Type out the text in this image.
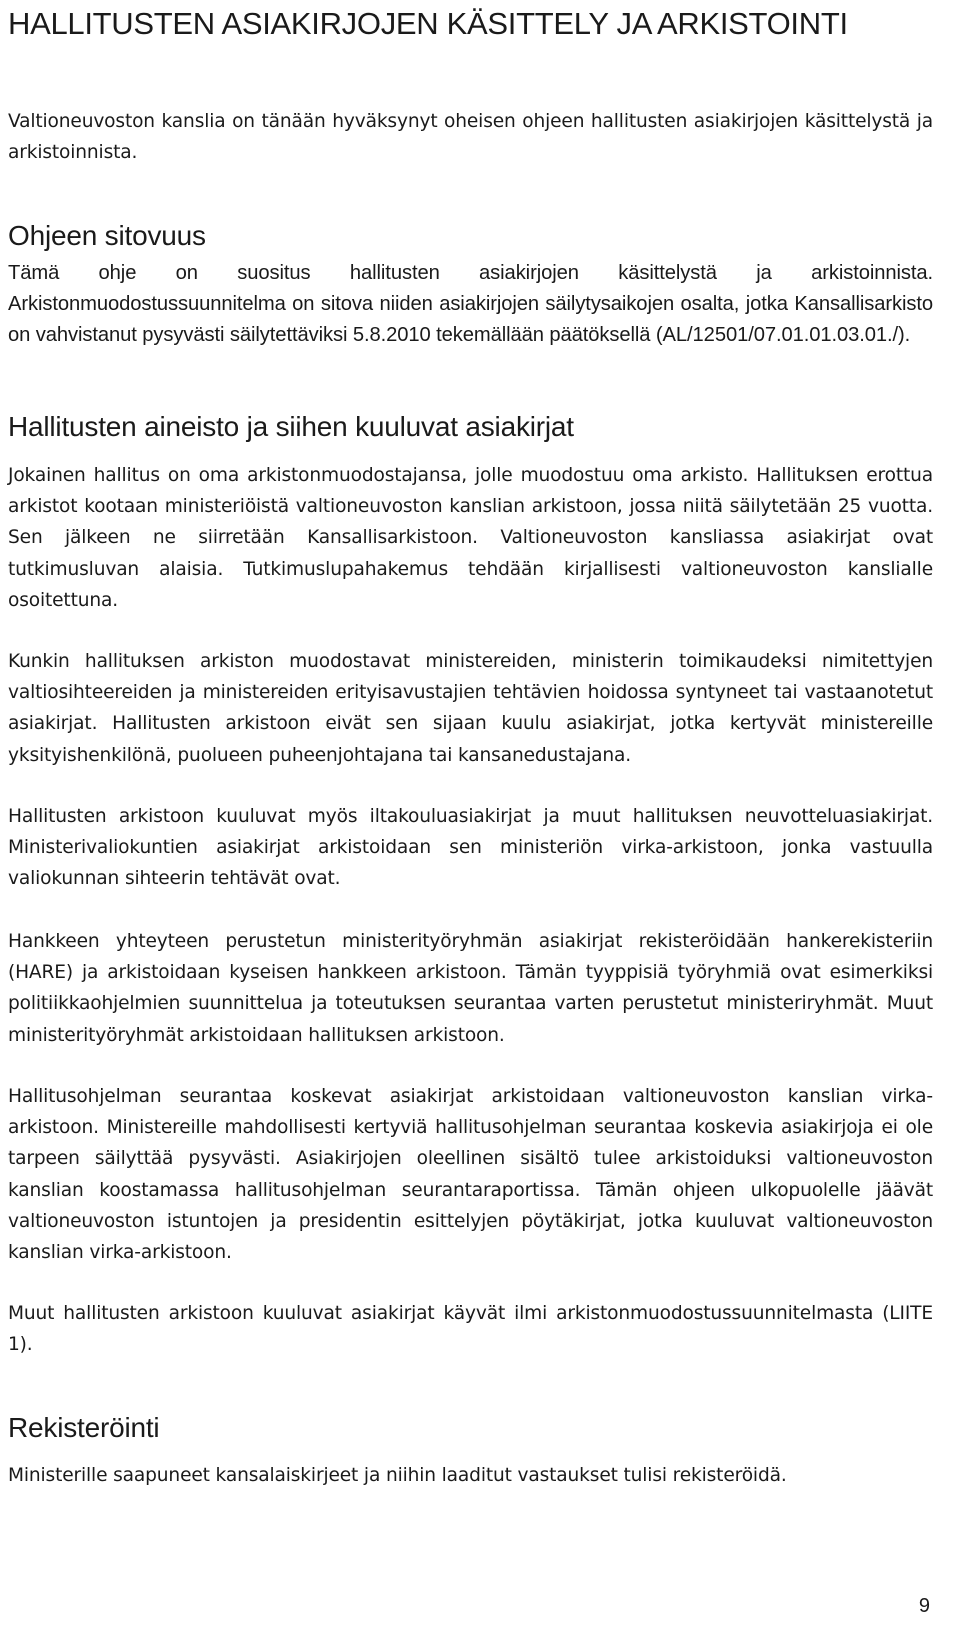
HALLITUSTEN ASIAKIRJOJEN KÄSITTELY JA ARKISTOINTI

Valtioneuvoston kanslia on tänään hyväksynyt oheisen ohjeen hallitusten asiakirjojen käsittelystä ja arkistoinnista.

Ohjeen sitovuus

Tämä ohje on suositus hallitusten asiakirjojen käsittelystä ja arkistoinnista. Arkistonmuodostussuunnitelma on sitova niiden asiakirjojen säilytysaikojen osalta, jotka Kansallisarkisto on vahvistanut pysyvästi säilytettäviksi 5.8.2010 tekemällään päätöksellä (AL/12501/07.01.01.03.01./).

Hallitusten aineisto ja siihen kuuluvat asiakirjat

Jokainen hallitus on oma arkistonmuodostajansa, jolle muodostuu oma arkisto. Hallituksen erottua arkistot kootaan ministeriöistä valtioneuvoston kanslian arkistoon, jossa niitä säilytetään 25 vuotta. Sen jälkeen ne siirretään Kansallisarkistoon. Valtioneuvoston kansliassa asiakirjat ovat tutkimusluvan alaisia. Tutkimuslupahakemus tehdään kirjallisesti valtioneuvoston kanslialle osoitettuna.

Kunkin hallituksen arkiston muodostavat ministereiden, ministerin toimikaudeksi nimitettyjen valtiosihteereiden ja ministereiden erityisavustajien tehtävien hoidossa syntyneet tai vastaanotetut asiakirjat. Hallitusten arkistoon eivät sen sijaan kuulu asiakirjat, jotka kertyvät ministereille yksityishenkilönä, puolueen puheenjohtajana tai kansanedustajana.

Hallitusten arkistoon kuuluvat myös iltakouluasiakirjat ja muut hallituksen neuvotteluasiakirjat. Ministerivaliokuntien asiakirjat arkistoidaan sen ministeriön virka-arkistoon, jonka vastuulla valiokunnan sihteerin tehtävät ovat.

Hankkeen yhteyteen perustetun ministerityöryhmän asiakirjat rekisteröidään hankerekisteriin (HARE) ja arkistoidaan kyseisen hankkeen arkistoon. Tämän tyyppisiä työryhmiä ovat esimerkiksi politiikkaohjelmien suunnittelua ja toteutuksen seurantaa varten perustetut ministeriryhmät. Muut ministerityöryhmät arkistoidaan hallituksen arkistoon.

Hallitusohjelman seurantaa koskevat asiakirjat arkistoidaan valtioneuvoston kanslian virka-arkistoon. Ministereille mahdollisesti kertyviä hallitusohjelman seurantaa koskevia asiakirjoja ei ole tarpeen säilyttää pysyvästi. Asiakirjojen oleellinen sisältö tulee arkistoiduksi valtioneuvoston kanslian koostamassa hallitusohjelman seurantaraportissa. Tämän ohjeen ulkopuolelle jäävät valtioneuvoston istuntojen ja presidentin esittelyjen pöytäkirjat, jotka kuuluvat valtioneuvoston kanslian virka-arkistoon.

Muut hallitusten arkistoon kuuluvat asiakirjat käyvät ilmi arkistonmuodostussuunnitelmasta (LIITE 1).

Rekisteröinti

Ministerille saapuneet kansalaiskirjeet ja niihin laaditut vastaukset tulisi rekisteröidä.

9
